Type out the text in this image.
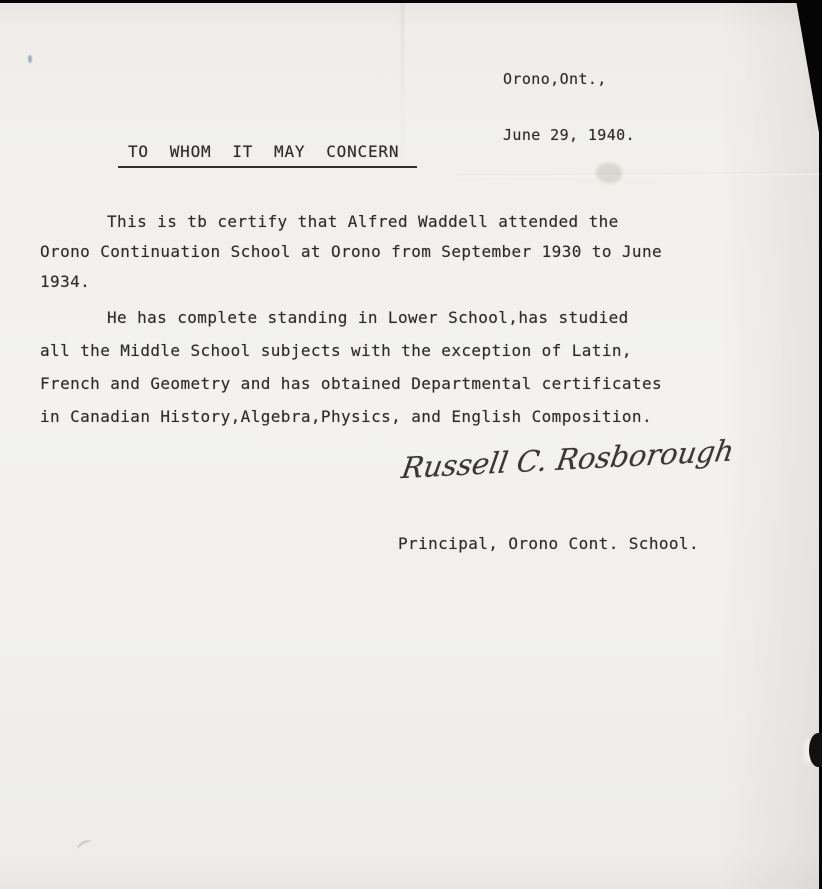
Orono,Ont.,

June 29, 1940.

TO  WHOM  IT  MAY  CONCERN
This is tb certify that Alfred Waddell attended the
Orono Continuation School at Orono from September 1930 to June
1934.
He has complete standing in Lower School,has studied
all the Middle School subjects with the exception of Latin,
French and Geometry and has obtained Departmental certificates
in Canadian History,Algebra,Physics, and English Composition.
Russell C. Rosborough
Principal, Orono Cont. School.
